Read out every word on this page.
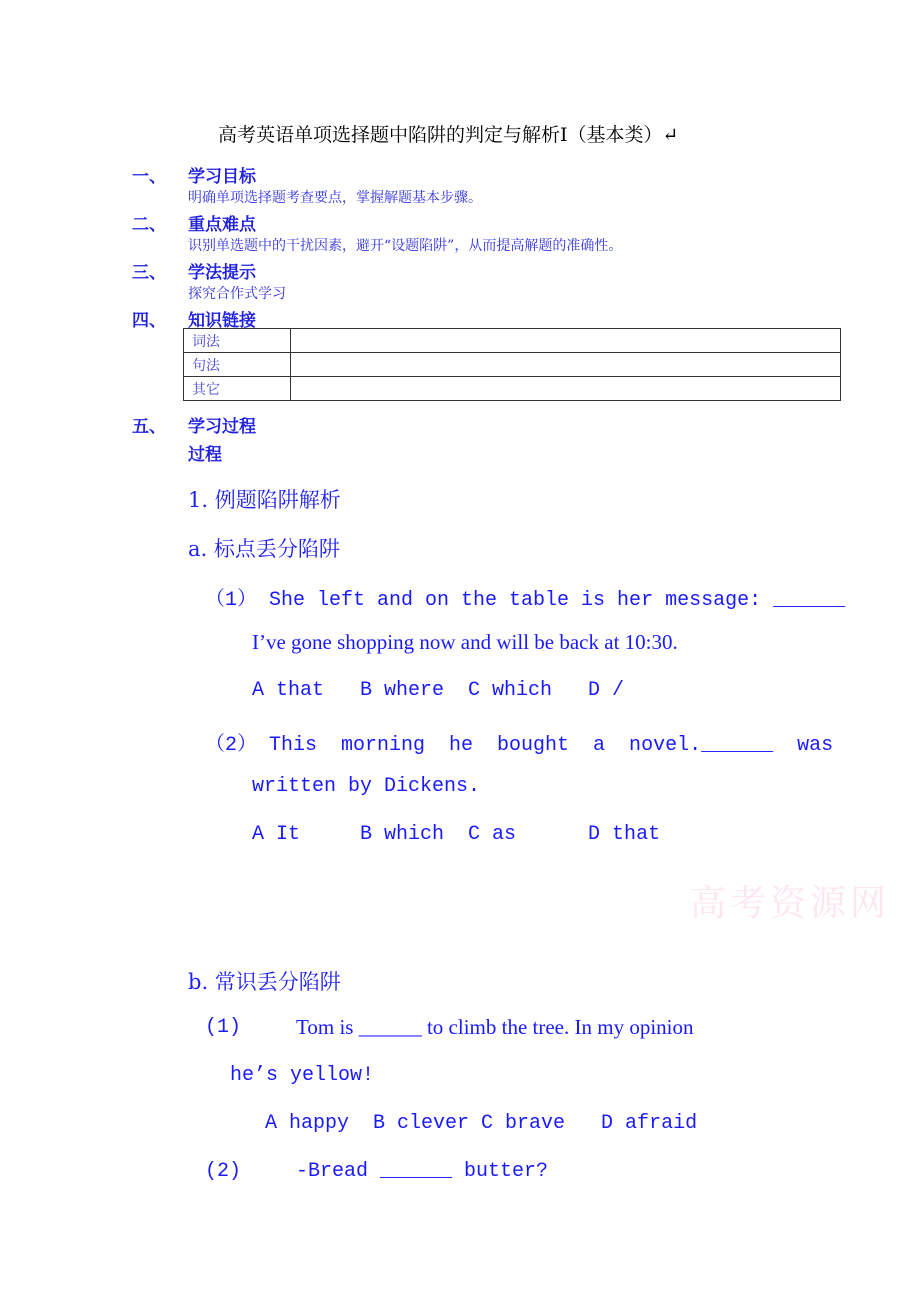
高考英语单项选择题中陷阱的判定与解析Ⅰ（基本类）↵
一、 学习目标
明确单项选择题考查要点，掌握解题基本步骤。
二、 重点难点
识别单选题中的干扰因素，避开“设题陷阱”，从而提高解题的准确性。
三、 学法提示
探究合作式学习
四、 知识链接
词法	
句法	
其它	
五、 学习过程
过程
1. 例题陷阱解析
a. 标点丢分陷阱
（1） She left and on the table is her message: ______
I’ve gone shopping now and will be back at 10:30.
A that   B where  C which   D /
（2） This  morning  he  bought  a  novel.______  was
written by Dickens.
A It     B which  C as      D that
高考资源网
b. 常识丢分陷阱
(1)	Tom is ______ to climb the tree. In my opinion
he’s yellow!
A happy  B clever C brave   D afraid
(2)	-Bread ______ butter?
